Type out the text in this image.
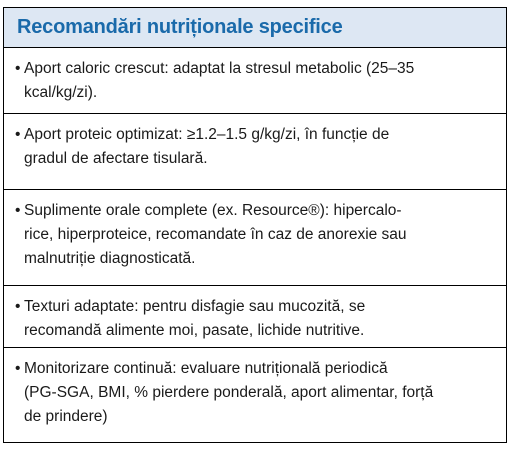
Recomandări nutriționale specifice
• Aport caloric crescut: adaptat la stresul metabolic (25–35
kcal/kg/zi).
• Aport proteic optimizat: ≥1.2–1.5 g/kg/zi, în funcție de
gradul de afectare tisulară.
• Suplimente orale complete (ex. Resource®): hipercalo-
rice, hiperproteice, recomandate în caz de anorexie sau
malnutriție diagnosticată.
• Texturi adaptate: pentru disfagie sau mucozită, se
recomandă alimente moi, pasate, lichide nutritive.
• Monitorizare continuă: evaluare nutrițională periodică
(PG-SGA, BMI, % pierdere ponderală, aport alimentar, forță
de prindere)
